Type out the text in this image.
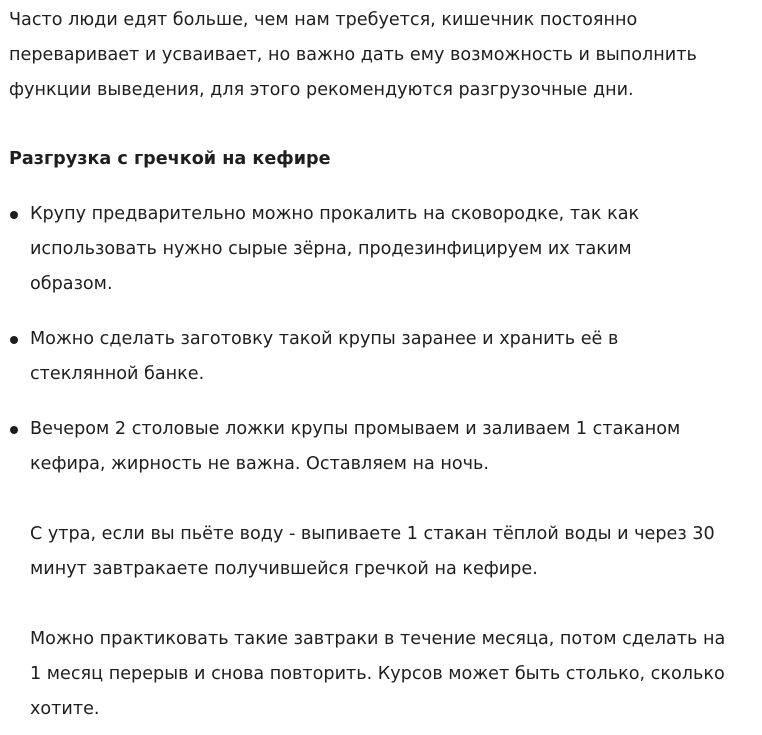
Часто люди едят больше, чем нам требуется, кишечник постоянно
переваривает и усваивает, но важно дать ему возможность и выполнить
функции выведения, для этого рекомендуются разгрузочные дни.
Разгрузка с гречкой на кефире
Крупу предварительно можно прокалить на сковородке, так как
использовать нужно сырые зёрна, продезинфицируем их таким
образом.
Можно сделать заготовку такой крупы заранее и хранить её в
стеклянной банке.
Вечером 2 столовые ложки крупы промываем и заливаем 1 стаканом
кефира, жирность не важна. Оставляем на ночь.
С утра, если вы пьёте воду - выпиваете 1 стакан тёплой воды и через 30
минут завтракаете получившейся гречкой на кефире.
Можно практиковать такие завтраки в течение месяца, потом сделать на
1 месяц перерыв и снова повторить. Курсов может быть столько, сколько
хотите.
